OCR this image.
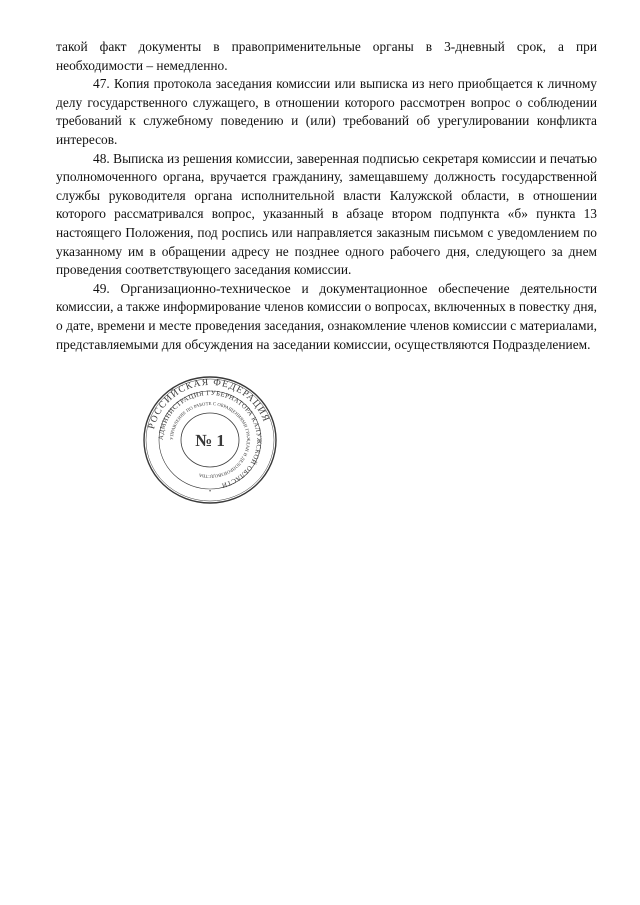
такой факт документы в правоприменительные органы в 3-дневный срок, а при необходимости – немедленно.

47. Копия протокола заседания комиссии или выписка из него приобщается к личному делу государственного служащего, в отношении которого рассмотрен вопрос о соблюдении требований к служебному поведению и (или) требований об урегулировании конфликта интересов.

48. Выписка из решения комиссии, заверенная подписью секретаря комиссии и печатью уполномоченного органа, вручается гражданину, замещавшему должность государственной службы руководителя органа исполнительной власти Калужской области, в отношении которого рассматривался вопрос, указанный в абзаце втором подпункта «б» пункта 13 настоящего Положения, под роспись или направляется заказным письмом с уведомлением по указанному им в обращении адресу не позднее одного рабочего дня, следующего за днем проведения соответствующего заседания комиссии.

49. Организационно-техническое и документационное обеспечение деятельности комиссии, а также информирование членов комиссии о вопросах, включенных в повестку дня, о дате, времени и месте проведения заседания, ознакомление членов комиссии с материалами, представляемыми для обсуждения на заседании комиссии, осуществляются Подразделением.

РОССИЙСКАЯ ФЕДЕРАЦИЯ
АДМИНИСТРАЦИЯ ГУБЕРНАТОРА КАЛУЖСКОЙ ОБЛАСТИ
УПРАВЛЕНИЕ ПО РАБОТЕ С ОБРАЩЕНИЯМИ ГРАЖДАН И ДЕЛОПРОИЗВОДСТВА
№ 1
•
